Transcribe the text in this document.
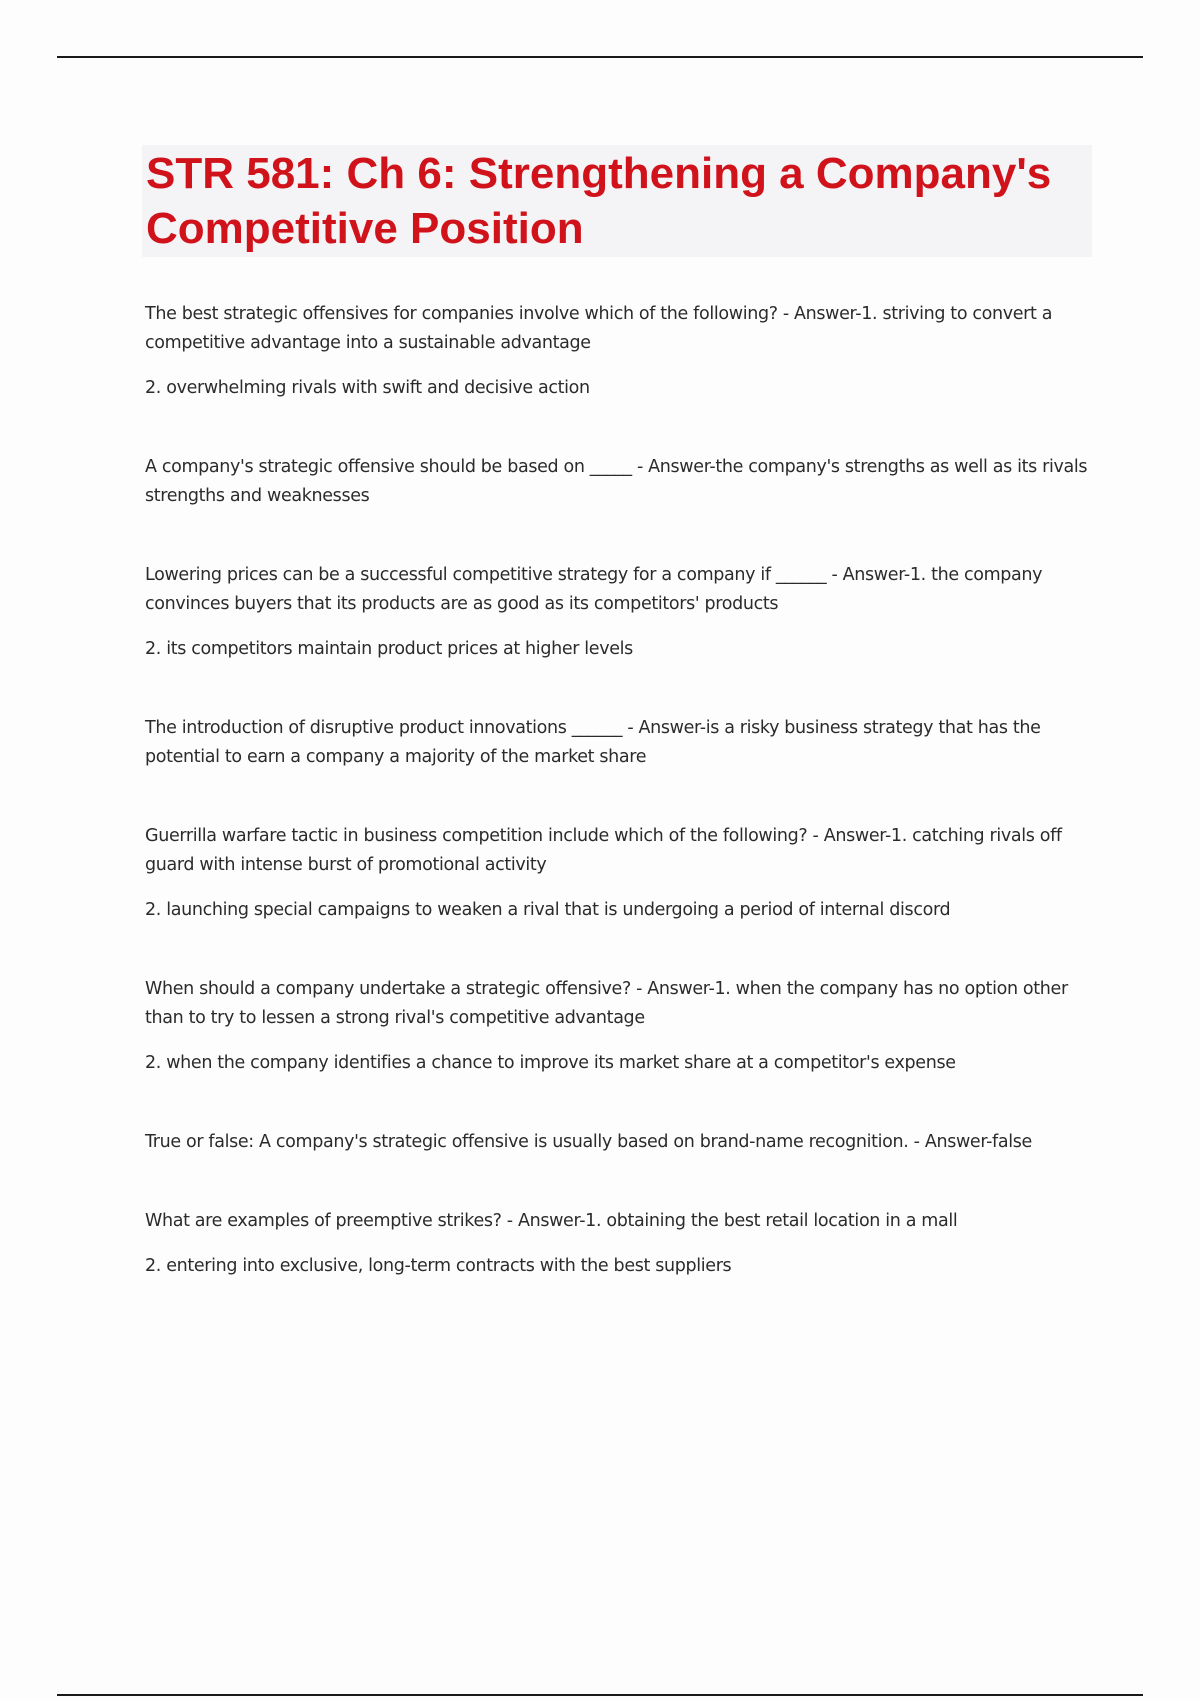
STR 581: Ch 6: Strengthening a Company's Competitive Position

The best strategic offensives for companies involve which of the following? - Answer-1. striving to convert a competitive advantage into a sustainable advantage

2. overwhelming rivals with swift and decisive action

A company's strategic offensive should be based on _____ - Answer-the company's strengths as well as its rivals strengths and weaknesses

Lowering prices can be a successful competitive strategy for a company if ______ - Answer-1. the company convinces buyers that its products are as good as its competitors' products

2. its competitors maintain product prices at higher levels

The introduction of disruptive product innovations ______ - Answer-is a risky business strategy that has the potential to earn a company a majority of the market share

Guerrilla warfare tactic in business competition include which of the following? - Answer-1. catching rivals off guard with intense burst of promotional activity

2. launching special campaigns to weaken a rival that is undergoing a period of internal discord

When should a company undertake a strategic offensive? - Answer-1. when the company has no option other than to try to lessen a strong rival's competitive advantage

2. when the company identifies a chance to improve its market share at a competitor's expense

True or false: A company's strategic offensive is usually based on brand-name recognition. - Answer-false

What are examples of preemptive strikes? - Answer-1. obtaining the best retail location in a mall

2. entering into exclusive, long-term contracts with the best suppliers
